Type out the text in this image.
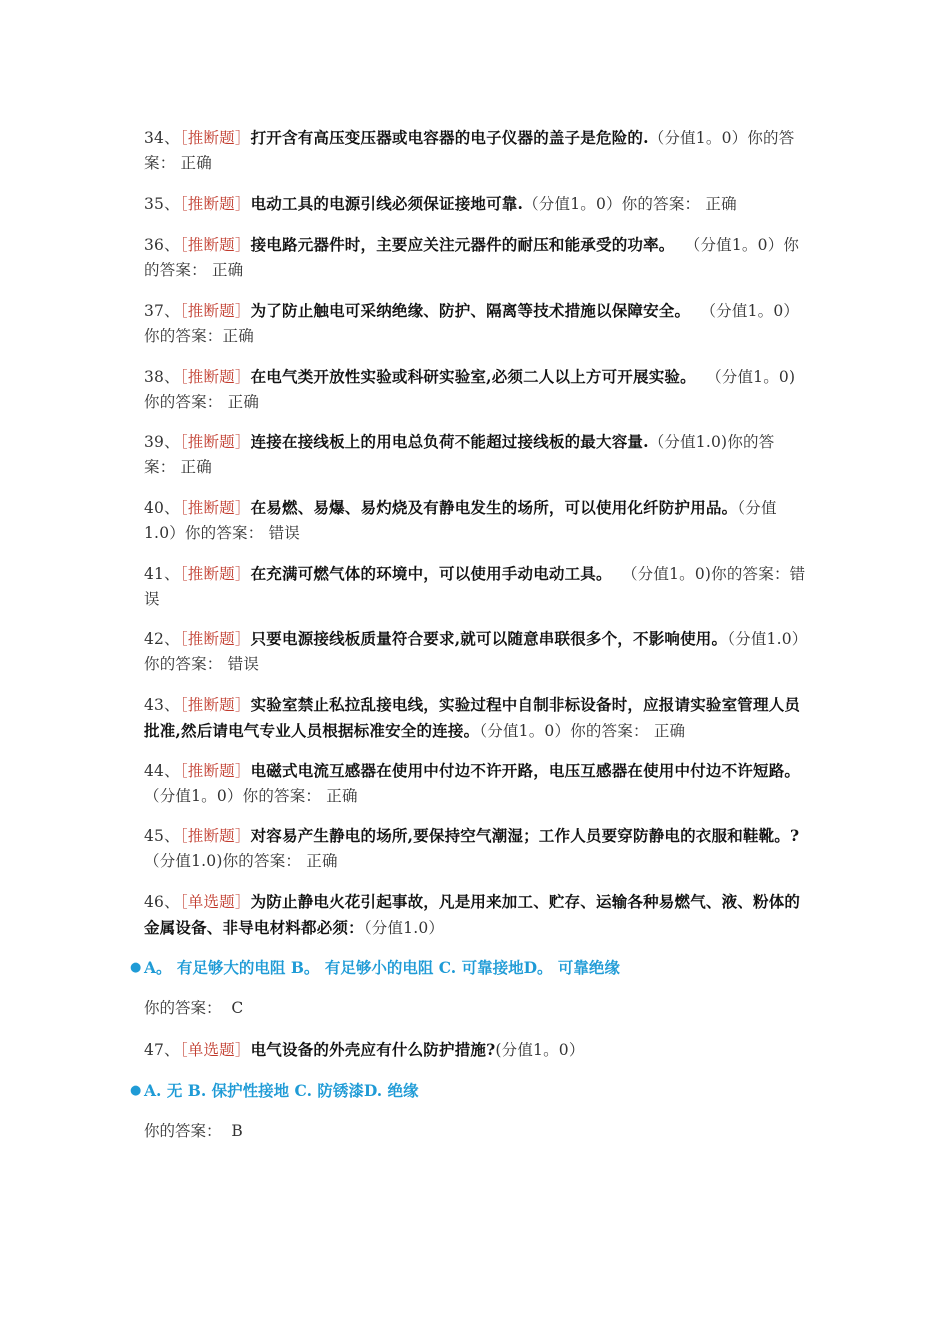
34、［推断题］打开含有高压变压器或电容器的电子仪器的盖子是危险的.（分值1。0）你的答案： 正确
35、［推断题］电动工具的电源引线必须保证接地可靠.（分值1。0）你的答案： 正确
36、［推断题］接电路元器件时，主要应关注元器件的耐压和能承受的功率。 （分值1。0）你的答案： 正确
37、［推断题］为了防止触电可采纳绝缘、防护、隔离等技术措施以保障安全。 （分值1。0）你的答案：正确
38、［推断题］在电气类开放性实验或科研实验室,必须二人以上方可开展实验。 （分值1。0)你的答案： 正确
39、［推断题］连接在接线板上的用电总负荷不能超过接线板的最大容量.（分值1.0)你的答案： 正确
40、［推断题］在易燃、易爆、易灼烧及有静电发生的场所，可以使用化纤防护用品。（分值1.0）你的答案： 错误
41、［推断题］在充满可燃气体的环境中，可以使用手动电动工具。 （分值1。0)你的答案：错误
42、［推断题］只要电源接线板质量符合要求,就可以随意串联很多个，不影响使用。（分值1.0）你的答案： 错误
43、［推断题］实验室禁止私拉乱接电线，实验过程中自制非标设备时，应报请实验室管理人员批准,然后请电气专业人员根据标准安全的连接。（分值1。0）你的答案： 正确
44、［推断题］电磁式电流互感器在使用中付边不许开路，电压互感器在使用中付边不许短路。（分值1。0）你的答案： 正确
45、［推断题］对容易产生静电的场所,要保持空气潮湿；工作人员要穿防静电的衣服和鞋靴。?（分值1.0)你的答案： 正确
46、［单选题］为防止静电火花引起事故，凡是用来加工、贮存、运输各种易燃气、液、粉体的金属设备、非导电材料都必须：（分值1.0）
● A。 有足够大的电阻 B。 有足够小的电阻 C. 可靠接地D。 可靠绝缘
你的答案： C
47、［单选题］电气设备的外壳应有什么防护措施?(分值1。0）
● A. 无 B. 保护性接地 C. 防锈漆D. 绝缘
你的答案： B
